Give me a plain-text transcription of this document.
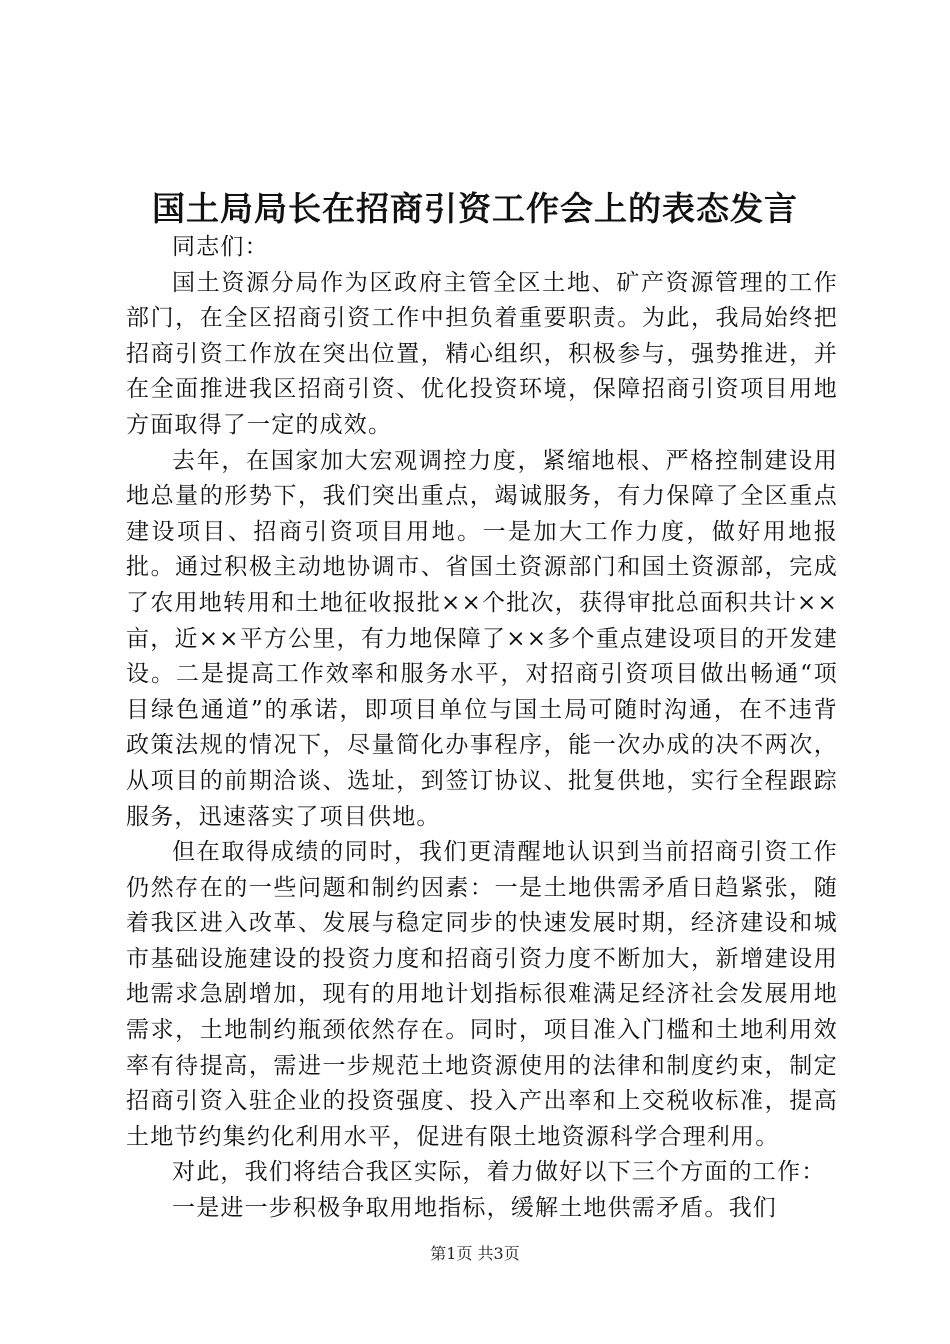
国土局局长在招商引资工作会上的表态发言

同志们：

国土资源分局作为区政府主管全区土地、矿产资源管理的工作部门，在全区招商引资工作中担负着重要职责。为此，我局始终把招商引资工作放在突出位置，精心组织，积极参与，强势推进，并在全面推进我区招商引资、优化投资环境，保障招商引资项目用地方面取得了一定的成效。

去年，在国家加大宏观调控力度，紧缩地根、严格控制建设用地总量的形势下，我们突出重点，竭诚服务，有力保障了全区重点建设项目、招商引资项目用地。一是加大工作力度，做好用地报批。通过积极主动地协调市、省国土资源部门和国土资源部，完成了农用地转用和土地征收报批××个批次，获得审批总面积共计××亩，近××平方公里，有力地保障了××多个重点建设项目的开发建设。二是提高工作效率和服务水平，对招商引资项目做出畅通“项目绿色通道”的承诺，即项目单位与国土局可随时沟通，在不违背政策法规的情况下，尽量简化办事程序，能一次办成的决不两次，从项目的前期洽谈、选址，到签订协议、批复供地，实行全程跟踪服务，迅速落实了项目供地。

但在取得成绩的同时，我们更清醒地认识到当前招商引资工作仍然存在的一些问题和制约因素：一是土地供需矛盾日趋紧张，随着我区进入改革、发展与稳定同步的快速发展时期，经济建设和城市基础设施建设的投资力度和招商引资力度不断加大，新增建设用地需求急剧增加，现有的用地计划指标很难满足经济社会发展用地需求，土地制约瓶颈依然存在。同时，项目准入门槛和土地利用效率有待提高，需进一步规范土地资源使用的法律和制度约束，制定招商引资入驻企业的投资强度、投入产出率和上交税收标准，提高土地节约集约化利用水平，促进有限土地资源科学合理利用。

对此，我们将结合我区实际，着力做好以下三个方面的工作：

一是进一步积极争取用地指标，缓解土地供需矛盾。我们

第1页 共3页
